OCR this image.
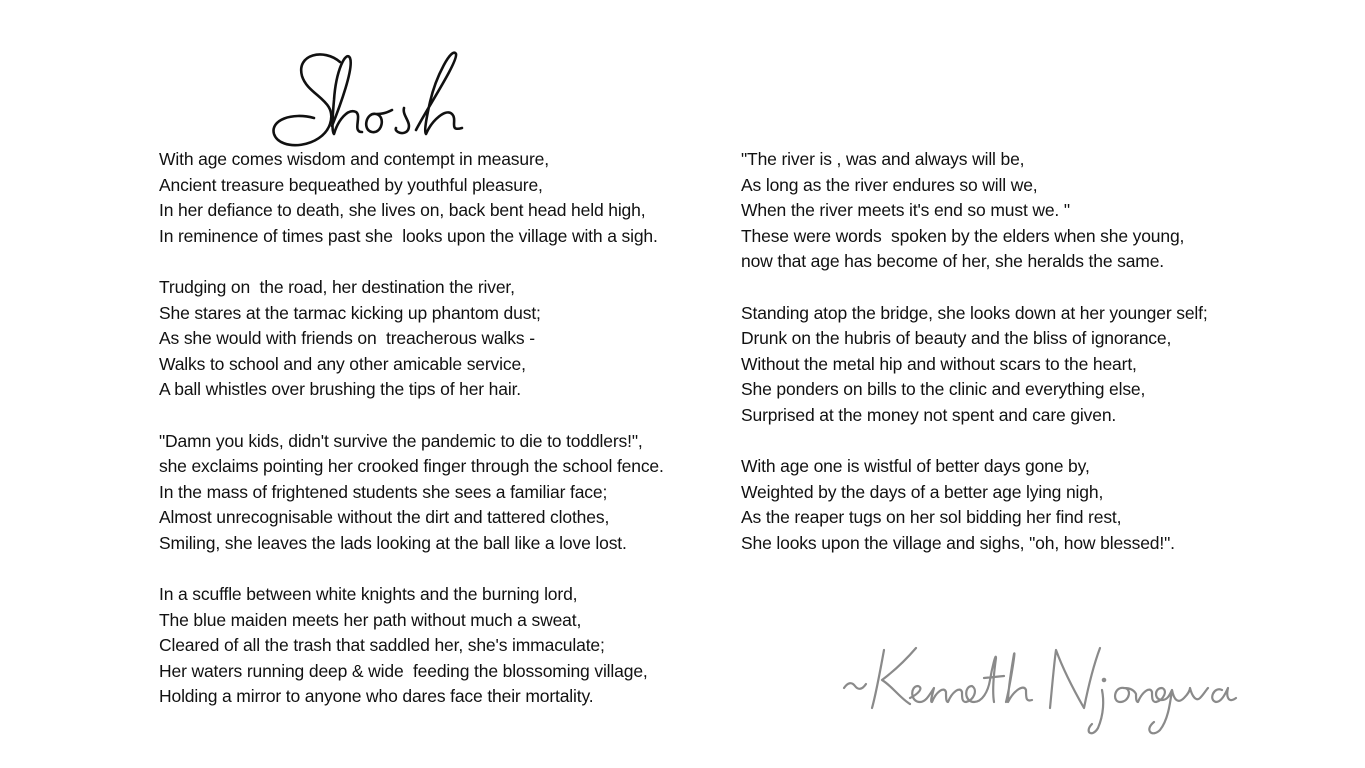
With age comes wisdom and contempt in measure,
Ancient treasure bequeathed by youthful pleasure,
In her defiance to death, she lives on, back bent head held high,
In reminence of times past she  looks upon the village with a sigh.
Trudging on  the road, her destination the river,
She stares at the tarmac kicking up phantom dust;
As she would with friends on  treacherous walks -
Walks to school and any other amicable service,
A ball whistles over brushing the tips of her hair.
"Damn you kids, didn't survive the pandemic to die to toddlers!",
she exclaims pointing her crooked finger through the school fence.
In the mass of frightened students she sees a familiar face;
Almost unrecognisable without the dirt and tattered clothes,
Smiling, she leaves the lads looking at the ball like a love lost.
In a scuffle between white knights and the burning lord,
The blue maiden meets her path without much a sweat,
Cleared of all the trash that saddled her, she's immaculate;
Her waters running deep & wide  feeding the blossoming village,
Holding a mirror to anyone who dares face their mortality.
"The river is , was and always will be,
As long as the river endures so will we,
When the river meets it's end so must we. "
These were words  spoken by the elders when she young,
now that age has become of her, she heralds the same.
Standing atop the bridge, she looks down at her younger self;
Drunk on the hubris of beauty and the bliss of ignorance,
Without the metal hip and without scars to the heart,
She ponders on bills to the clinic and everything else,
Surprised at the money not spent and care given.
With age one is wistful of better days gone by,
Weighted by the days of a better age lying nigh,
As the reaper tugs on her sol bidding her find rest,
She looks upon the village and sighs, "oh, how blessed!".
